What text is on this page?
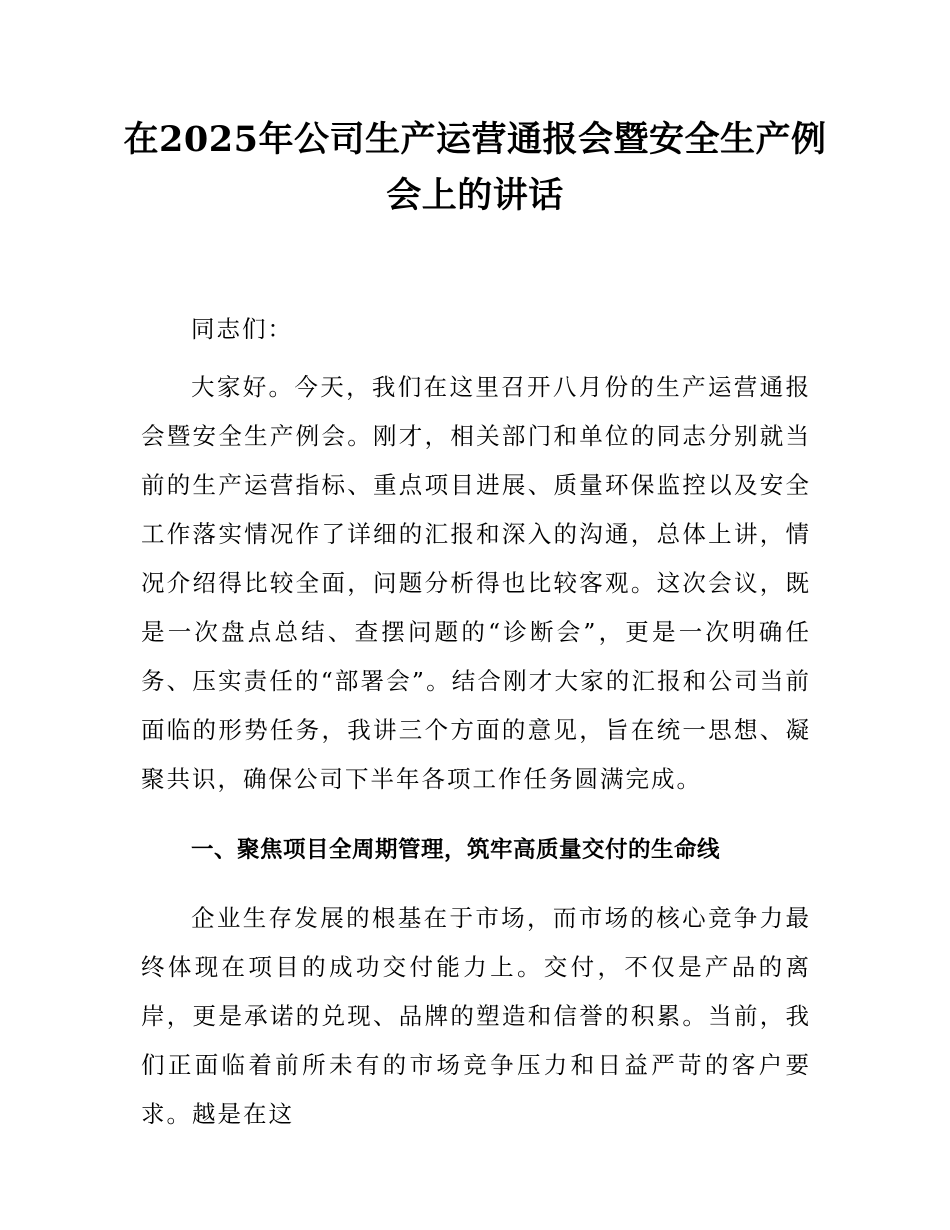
在2025年公司生产运营通报会暨安全生产例
会上的讲话

同志们：

大家好。今天，我们在这里召开八月份的生产运营通报会暨安全生产例会。刚才，相关部门和单位的同志分别就当前的生产运营指标、重点项目进展、质量环保监控以及安全工作落实情况作了详细的汇报和深入的沟通，总体上讲，情况介绍得比较全面，问题分析得也比较客观。这次会议，既是一次盘点总结、查摆问题的“诊断会”，更是一次明确任务、压实责任的“部署会”。结合刚才大家的汇报和公司当前面临的形势任务，我讲三个方面的意见，旨在统一思想、凝聚共识，确保公司下半年各项工作任务圆满完成。

一、聚焦项目全周期管理，筑牢高质量交付的生命线

企业生存发展的根基在于市场，而市场的核心竞争力最终体现在项目的成功交付能力上。交付，不仅是产品的离岸，更是承诺的兑现、品牌的塑造和信誉的积累。当前，我们正面临着前所未有的市场竞争压力和日益严苛的客户要求。越是在这
